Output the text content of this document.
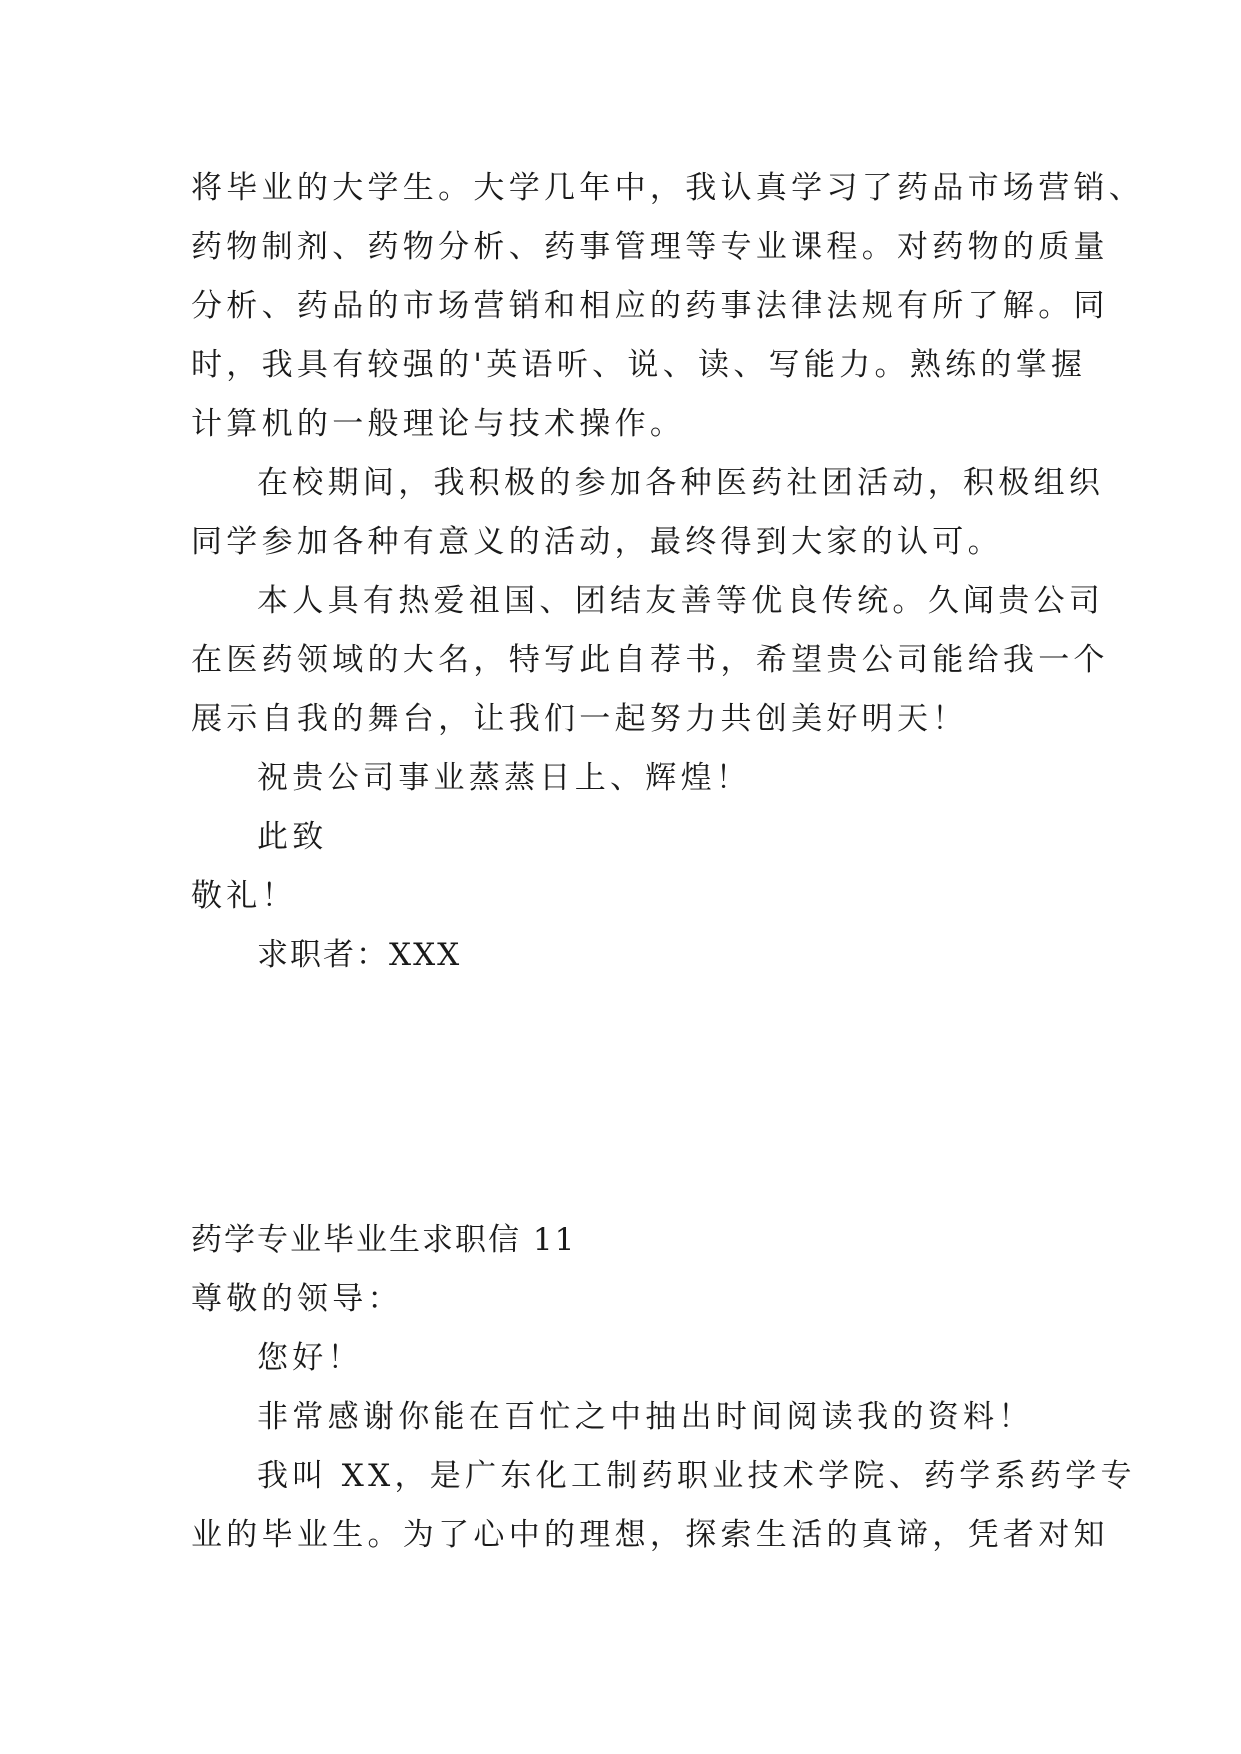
将毕业的大学生。大学几年中，我认真学习了药品市场营销、

药物制剂、药物分析、药事管理等专业课程。对药物的质量

分析、药品的市场营销和相应的药事法律法规有所了解。同

时，我具有较强的'英语听、说、读、写能力。熟练的掌握

计算机的一般理论与技术操作。

在校期间，我积极的参加各种医药社团活动，积极组织

同学参加各种有意义的活动，最终得到大家的认可。

本人具有热爱祖国、团结友善等优良传统。久闻贵公司

在医药领域的大名，特写此自荐书，希望贵公司能给我一个

展示自我的舞台，让我们一起努力共创美好明天！

祝贵公司事业蒸蒸日上、辉煌！

此致

敬礼！

求职者：XXX

药学专业毕业生求职信 11

尊敬的领导：

您好！

非常感谢你能在百忙之中抽出时间阅读我的资料！

我叫 XX，是广东化工制药职业技术学院、药学系药学专

业的毕业生。为了心中的理想，探索生活的真谛，凭者对知
